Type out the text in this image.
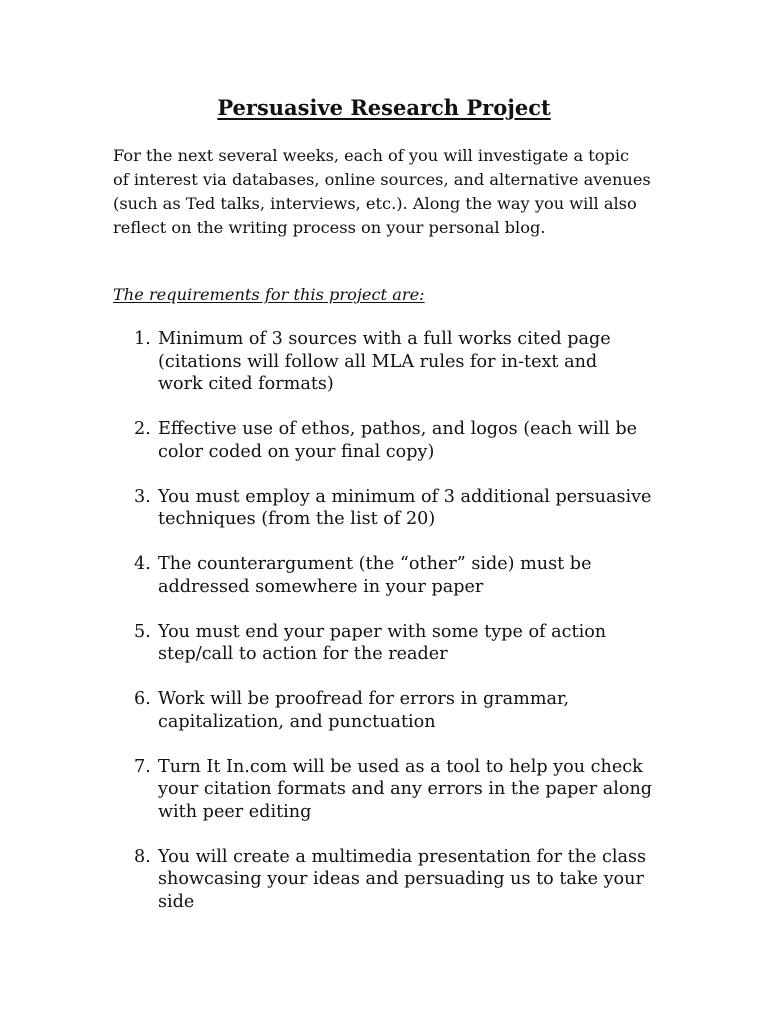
Persuasive Research Project

For the next several weeks, each of you will investigate a topic
of interest via databases, online sources, and alternative avenues
(such as Ted talks, interviews, etc.). Along the way you will also
reflect on the writing process on your personal blog.

The requirements for this project are:

1. Minimum of 3 sources with a full works cited page
(citations will follow all MLA rules for in-text and
work cited formats)
2. Effective use of ethos, pathos, and logos (each will be
color coded on your final copy)
3. You must employ a minimum of 3 additional persuasive
techniques (from the list of 20)
4. The counterargument (the “other” side) must be
addressed somewhere in your paper
5. You must end your paper with some type of action
step/call to action for the reader
6. Work will be proofread for errors in grammar,
capitalization, and punctuation
7. Turn It In.com will be used as a tool to help you check
your citation formats and any errors in the paper along
with peer editing
8. You will create a multimedia presentation for the class
showcasing your ideas and persuading us to take your
side
